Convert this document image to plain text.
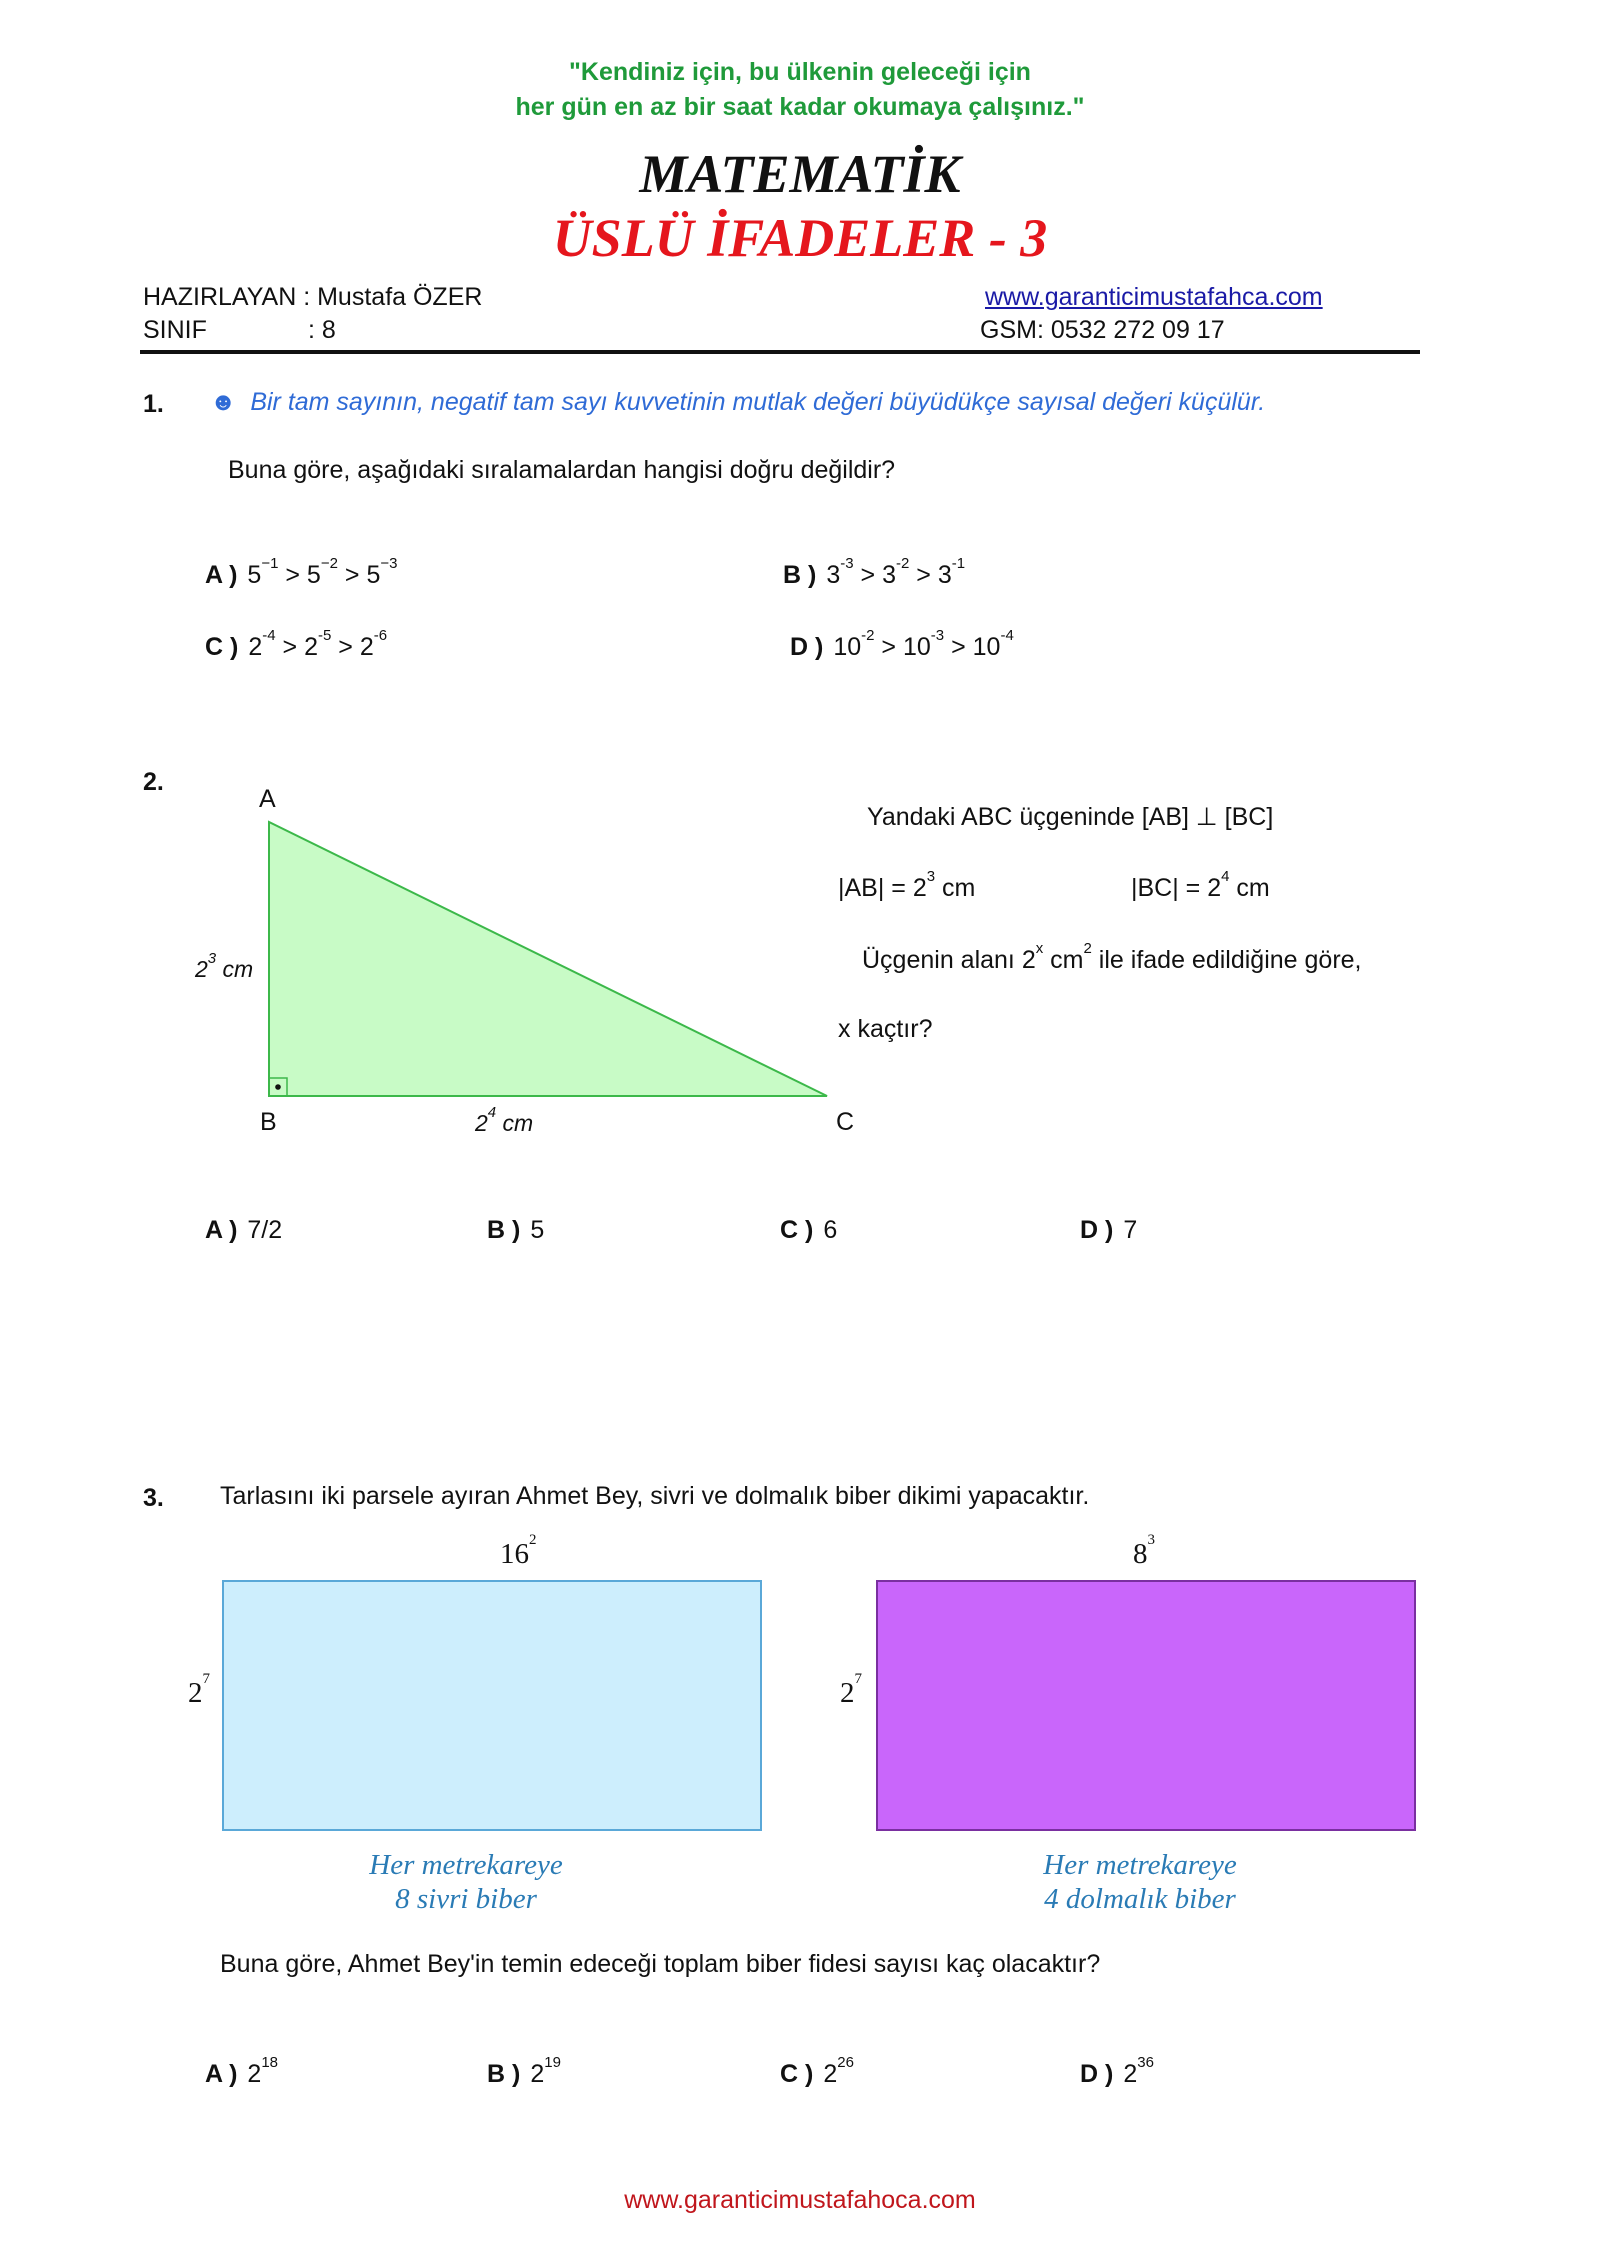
"Kendiniz için, bu ülkenin geleceği için
her gün en az bir saat kadar okumaya çalışınız."
MATEMATİK
ÜSLÜ İFADELER - 3
HAZIRLAYAN : Mustafa ÖZER
SINIF	: 8
www.garanticimustafahca.com
GSM: 0532 272 09 17
1. ☻ Bir tam sayının, negatif tam sayı kuvvetinin mutlak değeri büyüdükçe sayısal değeri küçülür.
Buna göre, aşağıdaki sıralamalardan hangisi doğru değildir?
A ) $5^{-1} > 5^{-2} > 5^{-3}$	B ) $3^{-3} > 3^{-2} > 3^{-1}$
C ) $2^{-4} > 2^{-5} > 2^{-6}$	D ) $10^{-2} > 10^{-3} > 10^{-4}$
2.
A
B	C
$2^3$ cm
$2^4$ cm
Yandaki ABC üçgeninde [AB] ⊥ [BC]
$|AB| = 2^3$ cm	$|BC| = 2^4$ cm
Üçgenin alanı 2$^x$ $cm^2$ ile ifade edildiğine göre,
x kaçtır?
A ) 7/2	B ) 5	C ) 6	D ) 7
3. Tarlasını iki parsele ayıran Ahmet Bey, sivri ve dolmalık biber dikimi yapacaktır.
$16^2$
$2^7$
Her metrekareye
8 sivri biber
$8^3$
$2^7$
Her metrekareye
4 dolmalık biber
Buna göre, Ahmet Bey'in temin edeceği toplam biber fidesi sayısı kaç olacaktır?
A ) $2^{18}$	B ) $2^{19}$	C ) $2^{26}$	D ) $2^{36}$
www.garanticimustafahoca.com
